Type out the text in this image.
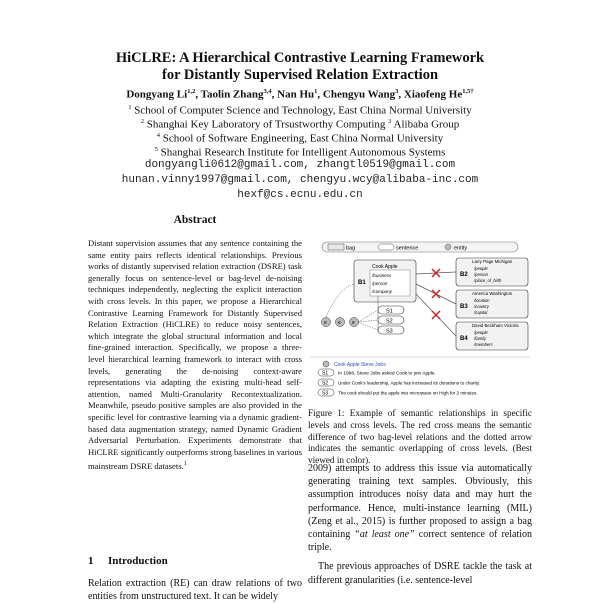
HiCLRE: A Hierarchical Contrastive Learning Framework
for Distantly Supervised Relation Extraction
Dongyang Li$^{1,2}$, Taolin Zhang$^{3,4}$, Nan Hu$^1$, Chengyu Wang$^3$, Xiaofeng $He^{1,5\dagger}$
$^1$ School of Computer Science and Technology, East China Normal University
$^2$ Shanghai Key Laboratory of Trsustworthy Computing $^3$ Alibaba Group
$^4$ School of Software Engineering, East China Normal University
$^5$ Shanghai Research Institute for Intelligent Autonomous Systems
dongyangli0612@gmail.com, zhangtl0519@gmail.com
hunan.vinny1997@gmail.com, chengyu.wcy@alibaba-inc.com
hexf@cs.ecnu.edu.cn
Abstract

Distant supervision assumes that any sentence containing the same entity pairs reflects identical relationships. Previous works of distantly supervised relation extraction (DSRE) task generally focus on sentence-level or bag-level de-noising techniques independently, neglecting the explicit interaction with cross levels. In this paper, we propose a Hierarchical Contrastive Learning Framework for Distantly Supervised Relation Extraction (HiCLRE) to reduce noisy sentences, which integrate the global structural information and local fine-grained interaction. Specifically, we propose a three-level hierarchical learning framework to interact with cross levels, generating the de-noising context-aware representations via adapting the existing multi-head self-attention, named Multi-Granularity Recontextualization. Meanwhile, pseudo positive samples are also provided in the specific level for contrastive learning via a dynamic gradient-based data augmentation strategy, named Dynamic Gradient Adversarial Perturbation. Experiments demonstrate that HiCLRE significantly outperforms strong baselines in various mainstream DSRE datasets.$^1$

1 Introduction
Relation extraction (RE) can draw relations of two entities from unstructured text. It can be widely
bag	sentence	entity
B1
Cook Apple
/business
/person
/company
B2
Larry Page Michigan
/people
/person
/place_of_birth
B3
America Washington
/location
/country
/capital
B4
David Beckham Victoria
/people
/family
/members
S1
S2
S3
e e e
Cook Apple Steve Jobs
S1 In 1998, Steve Jobs asked Cook to join Apple.
S2 Under Cook's leadership, Apple has increased its donations to charity.
S3 The cook should put the apple into microwave on High for 2 minutes.
Figure 1: Example of semantic relationships in specific levels and cross levels. The red cross means the semantic difference of two bag-level relations and the dotted arrow indicates the semantic overlapping of cross levels. (Best viewed in color).

2009) attempts to address this issue via automatically generating training text samples. Obviously, this assumption introduces noisy data and may hurt the performance. Hence, multi-instance learning (MIL) (Zeng et al., 2015) is further proposed to assign a bag containing “at least one” correct sentence of relation triple.

The previous approaches of DSRE tackle the task at different granularities (i.e. sentence-level
